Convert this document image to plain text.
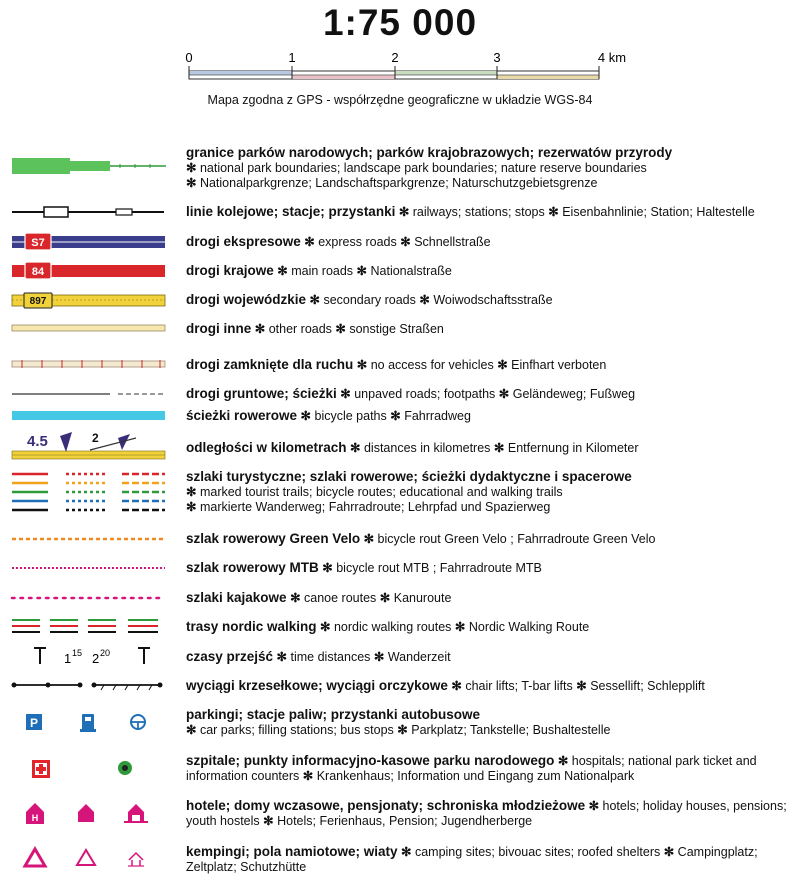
1:75 000
0	1	2	3	4 km
Mapa zgodna z GPS - współrzędne geograficzne w układzie WGS-84
S7
84
897
4.5	2
1 15 2 20
P
H
granice parków narodowych; parków krajobrazowych; rezerwatów przyrody
✻ national park boundaries; landscape park boundaries; nature reserve boundaries
✻ Nationalparkgrenze; Landschaftsparkgrenze; Naturschutzgebietsgrenze
linie kolejowe; stacje; przystanki ✻ railways; stations; stops ✻ Eisenbahnlinie; Station; Haltestelle
drogi ekspresowe ✻ express roads ✻ Schnellstraße
drogi krajowe ✻ main roads ✻ Nationalstraße
drogi wojewódzkie ✻ secondary roads ✻ Woiwodschaftsstraße
drogi inne ✻ other roads ✻ sonstige Straßen
drogi zamknięte dla ruchu ✻ no access for vehicles ✻ Einfhart verboten
drogi gruntowe; ścieżki ✻ unpaved roads; footpaths ✻ Geländeweg; Fußweg
ścieżki rowerowe ✻ bicycle paths ✻ Fahrradweg
odległości w kilometrach ✻ distances in kilometres ✻ Entfernung in Kilometer
szlaki turystyczne; szlaki rowerowe; ścieżki dydaktyczne i spacerowe
✻ marked tourist trails; bicycle routes; educational and walking trails
✻ markierte Wanderweg; Fahrradroute; Lehrpfad und Spazierweg
szlak rowerowy Green Velo ✻ bicycle rout Green Velo ; Fahrradroute Green Velo
szlak rowerowy MTB ✻ bicycle rout MTB ; Fahrradroute MTB
szlaki kajakowe ✻ canoe routes ✻ Kanuroute
trasy nordic walking ✻ nordic walking routes ✻ Nordic Walking Route
czasy przejść ✻ time distances ✻ Wanderzeit
wyciągi krzesełkowe; wyciągi orczykowe ✻ chair lifts; T-bar lifts ✻ Sessellift; Schlepplift
parkingi; stacje paliw; przystanki autobusowe
✻ car parks; filling stations; bus stops ✻ Parkplatz; Tankstelle; Bushaltestelle
szpitale; punkty informacyjno-kasowe parku narodowego ✻ hospitals; national park ticket and information counters ✻ Krankenhaus; Information und Eingang zum Nationalpark
hotele; domy wczasowe, pensjonaty; schroniska młodzieżowe ✻ hotels; holiday houses, pensions; youth hostels ✻ Hotels; Ferienhaus, Pension; Jugendherberge
kempingi; pola namiotowe; wiaty ✻ camping sites; bivouac sites; roofed shelters ✻ Campingplatz; Zeltplatz; Schutzhütte
